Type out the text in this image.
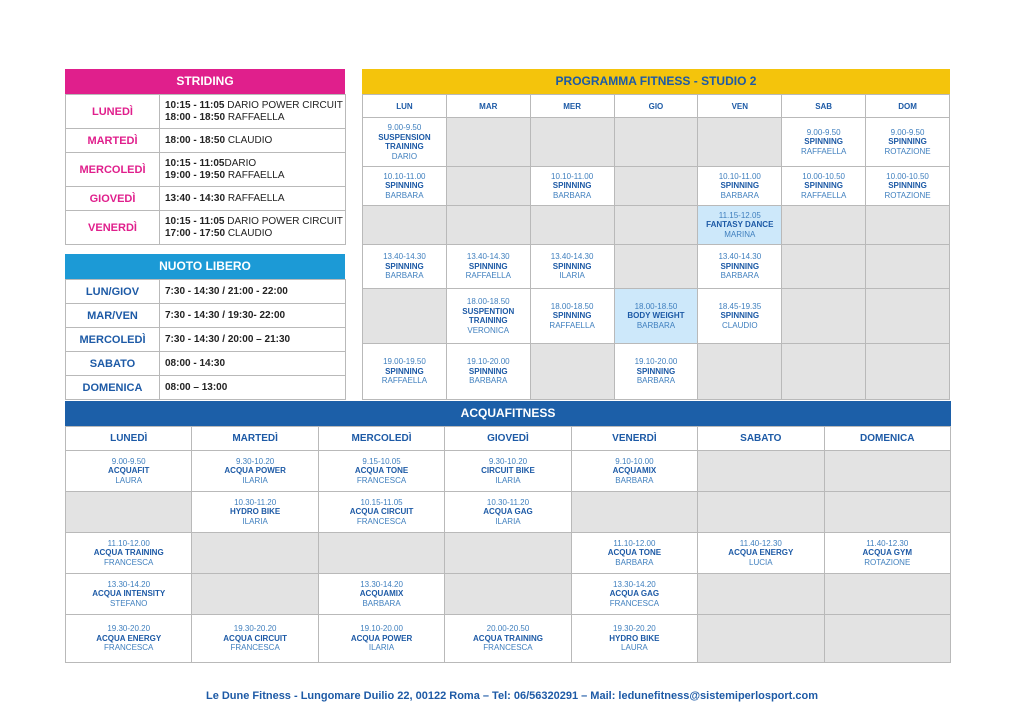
STRIDING
LUNEDÌ	10:15 - 11:05 DARIO POWER CIRCUIT
18:00 - 18:50 RAFFAELLA

MARTEDÌ	18:00 - 18:50 CLAUDIO

MERCOLEDÌ	10:15 - 11:05DARIO
19:00 - 19:50 RAFFAELLA

GIOVEDÌ	13:40 - 14:30 RAFFAELLA

VENERDÌ	10:15 - 11:05 DARIO POWER CIRCUIT
17:00 - 17:50 CLAUDIO
NUOTO LIBERO
LUN/GIOV	7:30 - 14:30 / 21:00 - 22:00
MAR/VEN	7:30 - 14:30 / 19:30- 22:00
MERCOLEDÌ	7:30 - 14:30 / 20:00 – 21:30
SABATO	08:00 - 14:30
DOMENICA	08:00 – 13:00
PROGRAMMA FITNESS - STUDIO 2
LUN	MAR	MER	GIO	VEN	SAB	DOM

9.00-9.50
SUSPENSION TRAINING
DARIO					9.00-9.50
SPINNING
RAFFAELLA	9.00-9.50
SPINNING
ROTAZIONE

10.10-11.00
SPINNING
BARBARA		10.10-11.00
SPINNING
BARBARA		10.10-11.00
SPINNING
BARBARA	10.00-10.50
SPINNING
RAFFAELLA	10.00-10.50
SPINNING
ROTAZIONE

				11.15-12.05
FANTASY DANCE
MARINA		

13.40-14.30
SPINNING
BARBARA	13.40-14.30
SPINNING
RAFFAELLA	13.40-14.30
SPINNING
ILARIA		13.40-14.30
SPINNING
BARBARA		

	18.00-18.50
SUSPENTION TRAINING
VERONICA	18.00-18.50
SPINNING
RAFFAELLA	18.00-18.50
BODY WEIGHT
BARBARA	18.45-19.35
SPINNING
CLAUDIO		

19.00-19.50
SPINNING
RAFFAELLA	19.10-20.00
SPINNING
BARBARA		19.10-20.00
SPINNING
BARBARA			

ACQUAFITNESS
LUNEDÌ	MARTEDÌ	MERCOLEDÌ	GIOVEDÌ	VENERDÌ	SABATO	DOMENICA

9.00-9.50
ACQUAFIT
LAURA	9.30-10.20
ACQUA POWER
ILARIA	9.15-10.05
ACQUA TONE
FRANCESCA	9.30-10.20
CIRCUIT BIKE
ILARIA	9.10-10.00
ACQUAMIX
BARBARA		

	10.30-11.20
HYDRO BIKE
ILARIA	10.15-11.05
ACQUA CIRCUIT
FRANCESCA	10.30-11.20
ACQUA GAG
ILARIA			

11.10-12.00
ACQUA TRAINING
FRANCESCA				11.10-12.00
ACQUA TONE
BARBARA	11.40-12.30
ACQUA ENERGY
LUCIA	11.40-12.30
ACQUA GYM
ROTAZIONE

13.30-14.20
ACQUA INTENSITY
STEFANO		13.30-14.20
ACQUAMIX
BARBARA		13.30-14.20
ACQUA GAG
FRANCESCA		

19.30-20.20
ACQUA ENERGY
FRANCESCA	19.30-20.20
ACQUA CIRCUIT
FRANCESCA	19.10-20.00
ACQUA POWER
ILARIA	20.00-20.50
ACQUA TRAINING
FRANCESCA	19.30-20.20
HYDRO BIKE
LAURA		

Le Dune Fitness - Lungomare Duilio 22, 00122 Roma – Tel: 06/56320291 – Mail: ledunefitness@sistemiperlosport.com
